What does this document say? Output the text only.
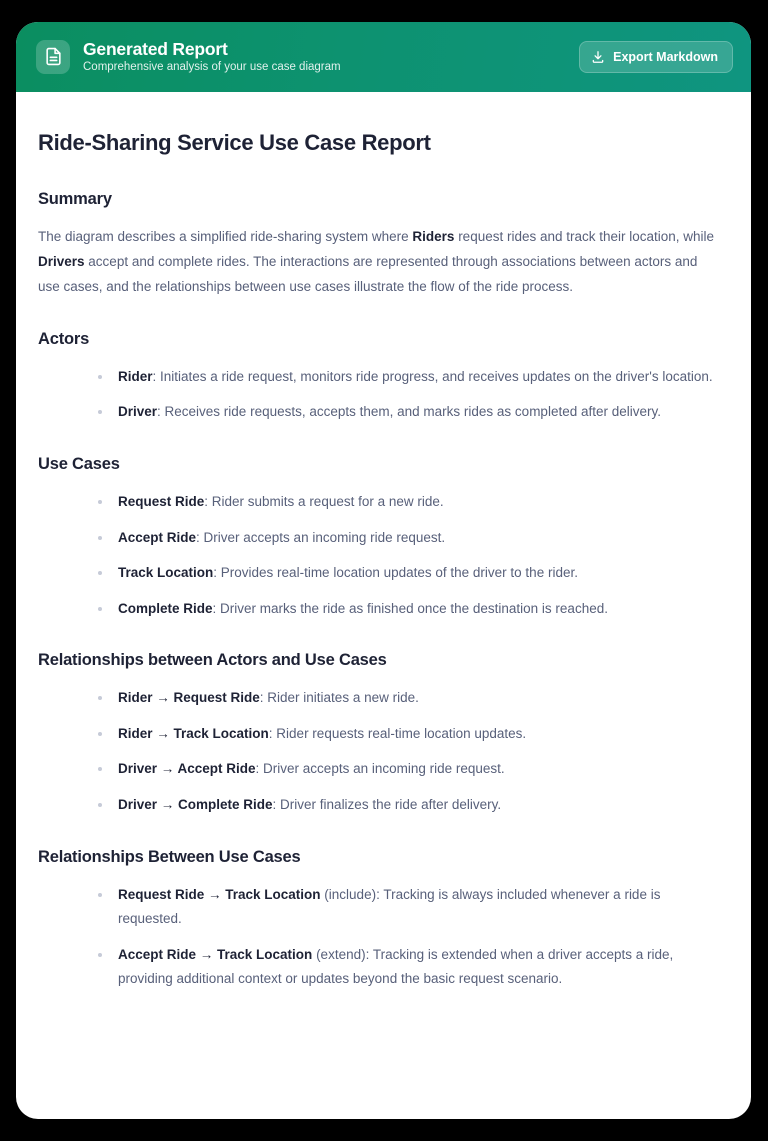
Generated Report
Comprehensive analysis of your use case diagram
Export Markdown
Ride-Sharing Service Use Case Report
Summary

The diagram describes a simplified ride-sharing system where Riders request rides and track their location, while Drivers accept and complete rides. The interactions are represented through associations between actors and use cases, and the relationships between use cases illustrate the flow of the ride process.

Actors
Rider: Initiates a ride request, monitors ride progress, and receives updates on the driver's location.
Driver: Receives ride requests, accepts them, and marks rides as completed after delivery.
Use Cases
Request Ride: Rider submits a request for a new ride.
Accept Ride: Driver accepts an incoming ride request.
Track Location: Provides real-time location updates of the driver to the rider.
Complete Ride: Driver marks the ride as finished once the destination is reached.
Relationships between Actors and Use Cases
Rider → Request Ride: Rider initiates a new ride.
Rider → Track Location: Rider requests real-time location updates.
Driver → Accept Ride: Driver accepts an incoming ride request.
Driver → Complete Ride: Driver finalizes the ride after delivery.
Relationships Between Use Cases
Request Ride → Track Location (include): Tracking is always included whenever a ride is requested.
Accept Ride → Track Location (extend): Tracking is extended when a driver accepts a ride, providing additional context or updates beyond the basic request scenario.
